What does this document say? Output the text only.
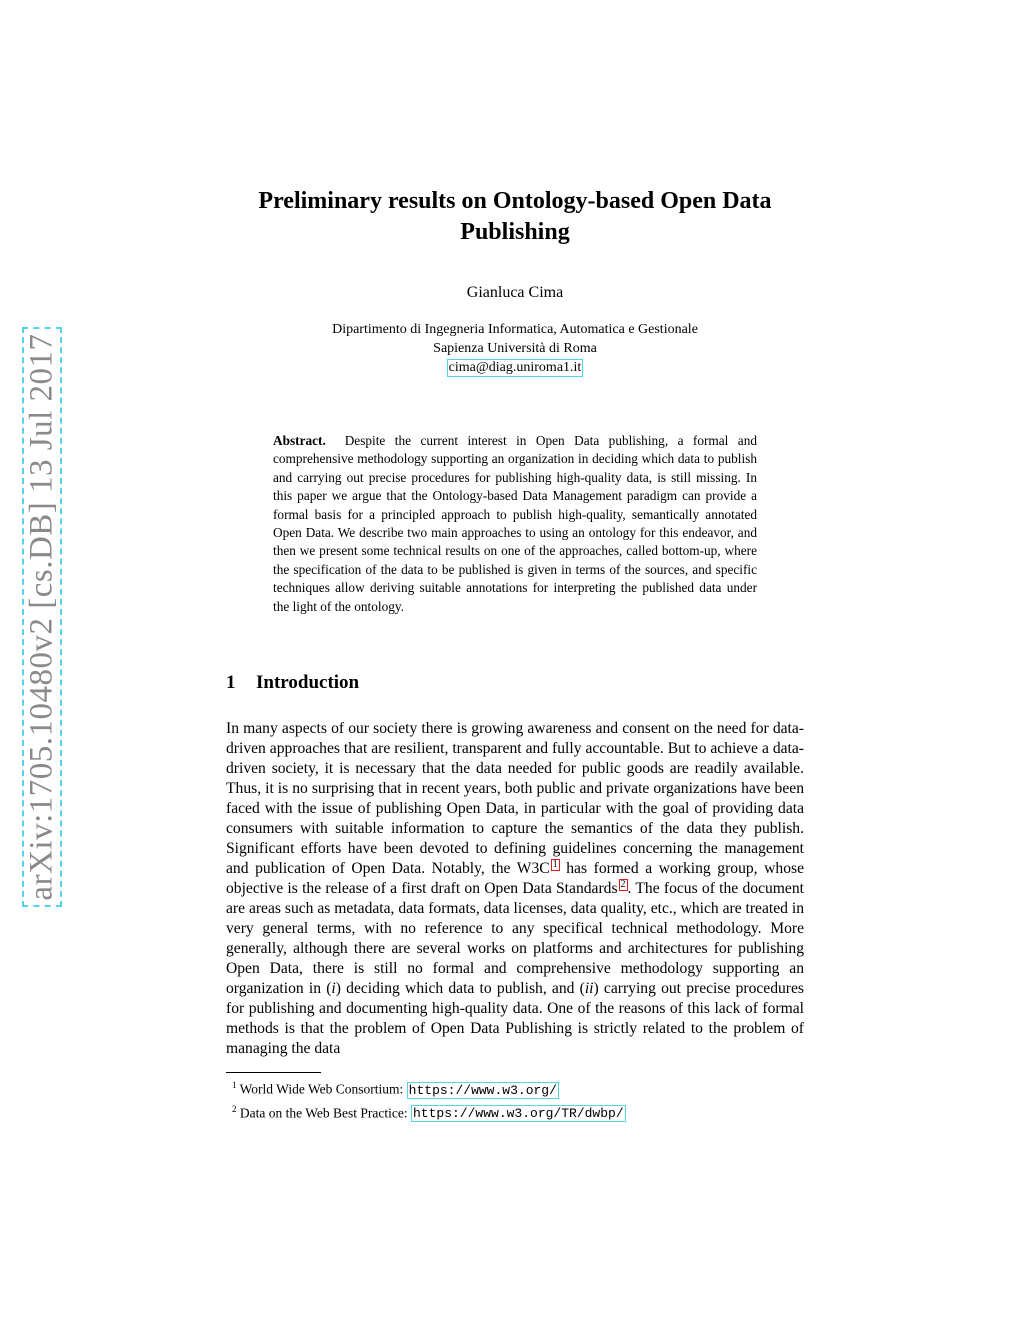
arXiv:1705.10480v2 [cs.DB] 13 Jul 2017
Preliminary results on Ontology-based Open Data Publishing
Gianluca Cima
Dipartimento di Ingegneria Informatica, Automatica e Gestionale
Sapienza Università di Roma
cima@diag.uniroma1.it
Abstract. Despite the current interest in Open Data publishing, a formal and comprehensive methodology supporting an organization in deciding which data to publish and carrying out precise procedures for publishing high-quality data, is still missing. In this paper we argue that the Ontology-based Data Management paradigm can provide a formal basis for a principled approach to publish high-quality, semantically annotated Open Data. We describe two main approaches to using an ontology for this endeavor, and then we present some technical results on one of the approaches, called bottom-up, where the specification of the data to be published is given in terms of the sources, and specific techniques allow deriving suitable annotations for interpreting the published data under the light of the ontology.
1 Introduction
In many aspects of our society there is growing awareness and consent on the need for data-driven approaches that are resilient, transparent and fully accountable. But to achieve a data-driven society, it is necessary that the data needed for public goods are readily available. Thus, it is no surprising that in recent years, both public and private organizations have been faced with the issue of publishing Open Data, in particular with the goal of providing data consumers with suitable information to capture the semantics of the data they publish. Significant efforts have been devoted to defining guidelines concerning the management and publication of Open Data. Notably, the W3C 1 has formed a working group, whose objective is the release of a first draft on Open Data Standards 2 . The focus of the document are areas such as metadata, data formats, data licenses, data quality, etc., which are treated in very general terms, with no reference to any specifical technical methodology. More generally, although there are several works on platforms and architectures for publishing Open Data, there is still no formal and comprehensive methodology supporting an organization in (i) deciding which data to publish, and (ii) carrying out precise procedures for publishing and documenting high-quality data. One of the reasons of this lack of formal methods is that the problem of Open Data Publishing is strictly related to the problem of managing the data
$^1$ World Wide Web Consortium: https://www.w3.org/
$^2$ Data on the Web Best Practice: https://www.w3.org/TR/dwbp/
